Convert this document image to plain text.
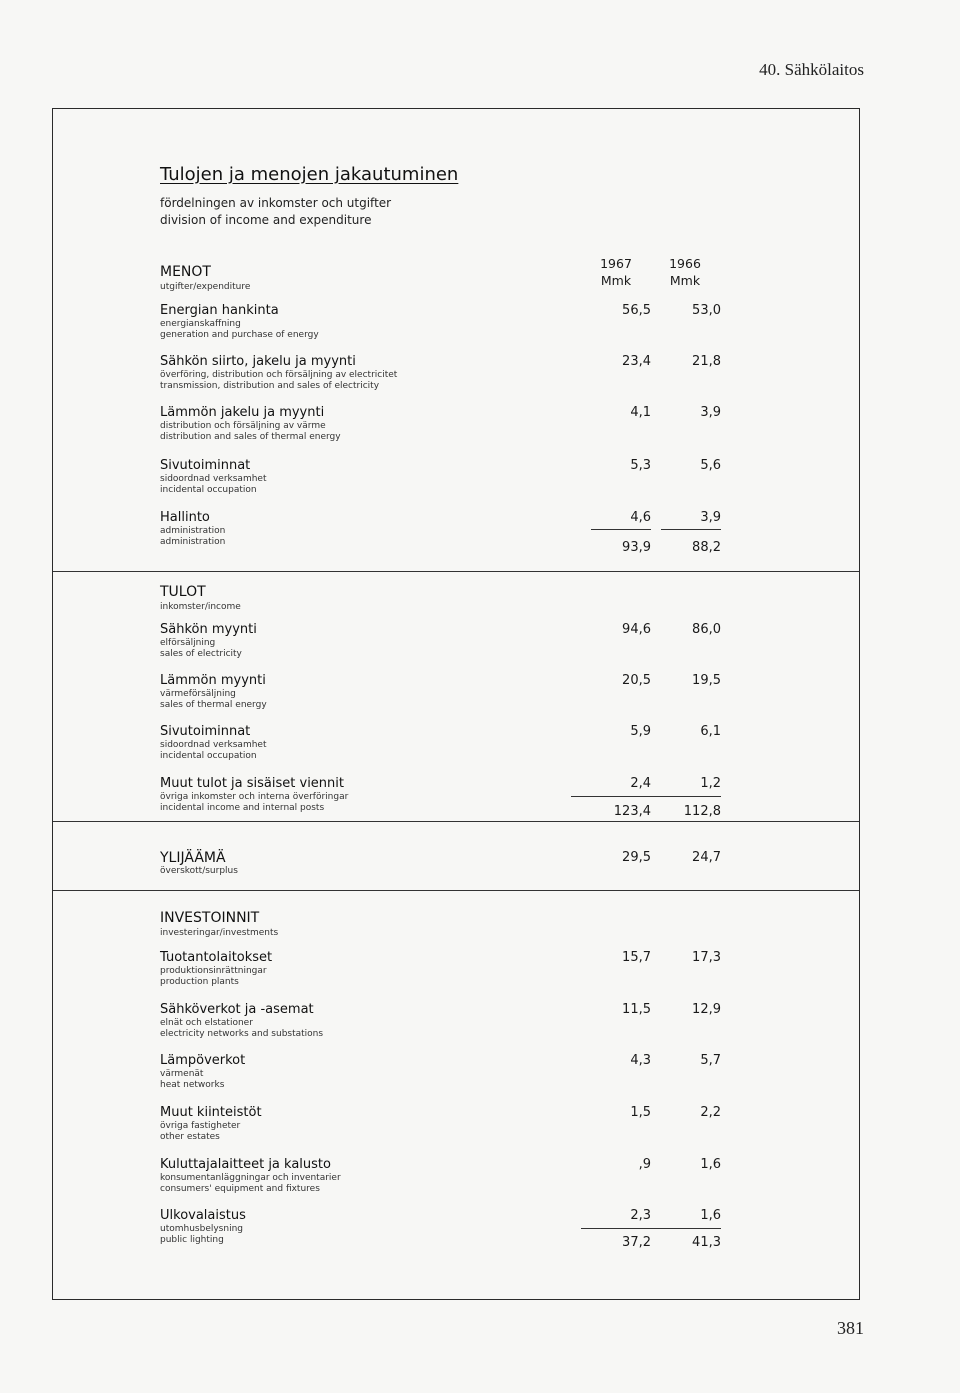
40. Sähkölaitos
Tulojen ja menojen jakautuminen
fördelningen av inkomster och utgifter
division of income and expenditure
1967
Mmk
1966
Mmk
MENOT
utgifter/expenditure
Energian hankinta
energianskaffning
generation and purchase of energy
56,5	53,0
Sähkön siirto, jakelu ja myynti
överföring, distribution och försäljning av electricitet
transmission, distribution and sales of electricity
23,4	21,8
Lämmön jakelu ja myynti
distribution och försäljning av värme
distribution and sales of thermal energy
4,1	3,9
Sivutoiminnat
sidoordnad verksamhet
incidental occupation
5,3	5,6
Hallinto
administration
administration
4,6	3,9
93,9	88,2
TULOT
inkomster/income
Sähkön myynti
elförsäljning
sales of electricity
94,6	86,0
Lämmön myynti
värmeförsäljning
sales of thermal energy
20,5	19,5
Sivutoiminnat
sidoordnad verksamhet
incidental occupation
5,9	6,1
Muut tulot ja sisäiset viennit
övriga inkomster och interna överföringar
incidental income and internal posts
2,4	1,2
123,4	112,8
YLIJÄÄMÄ
överskott/surplus
29,5	24,7
INVESTOINNIT
investeringar/investments
Tuotantolaitokset
produktionsinrättningar
production plants
15,7	17,3
Sähköverkot ja -asemat
elnät och elstationer
electricity networks and substations
11,5	12,9
Lämpöverkot
värmenät
heat networks
4,3	5,7
Muut kiinteistöt
övriga fastigheter
other estates
1,5	2,2
Kuluttajalaitteet ja kalusto
konsumentanläggningar och inventarier
consumers' equipment and fixtures
,9	1,6
Ulkovalaistus
utomhusbelysning
public lighting
2,3	1,6
37,2	41,3
381
